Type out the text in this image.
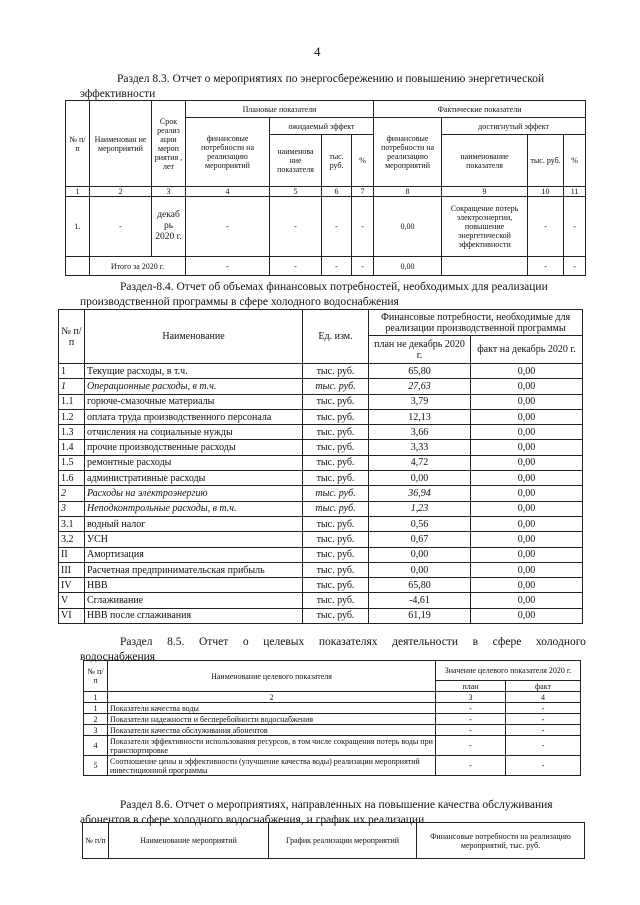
4
Раздел 8.3. Отчет о мероприятиях по энергосбережению и повышению энергетической
эффективности
№ п/ п	Наименован ие мероприятий	Срок реализ ации мероп риятия , лет	Плановые показатели				Фактические показатели			
			финансовые потребности на реализацию мероприятий	ожидаемый эффект			финансовые потребности на реализацию мероприятий	достигнутый эффект		
				наименова ние показателя	тыс. руб.	%		наименование показателя	тыс. руб.	%
1	2	3	4	5	6	7	8	9	10	11
1.	-	декаб рь 2020 г.	-	-	-	-	0,00	Сокращение потерь электроэнергии, повышение энергетической эффективности	-	-
	Итого за 2020 г.		-	-	-	-	0,00		-	-
Раздел-8.4. Отчет об объемах финансовых потребностей, необходимых для реализации
производственной программы в сфере холодного водоснабжения
№ п/п	Наименование	Ед. изм.	Финансовые потребности, необходимые для реализации производственной программы	
			план не декабрь 2020 г.	факт на декабрь 2020 г.
1	Текущие расходы, в т.ч.	тыс. руб.	65,80	0,00
1	Операционные расходы, в т.ч.	тыс. руб.	27,63	0,00
1.1	горюче-смазочные материалы	тыс. руб.	3,79	0,00
1.2	оплата труда производственного персонала	тыс. руб.	12,13	0,00
1.3	отчисления на социальные нужды	тыс. руб.	3,66	0,00
1.4	прочие производственные расходы	тыс. руб.	3,33	0,00
1.5	ремонтные расходы	тыс. руб.	4,72	0,00
1.6	административные расходы	тыс. руб.	0,00	0,00
2	Расходы на электроэнергию	тыс. руб.	36,94	0,00
3	Неподконтрольные расходы, в т.ч.	тыс. руб.	1,23	0,00
3.1	водный налог	тыс. руб.	0,56	0,00
3.2	УСН	тыс. руб.	0,67	0,00
II	Амортизация	тыс. руб.	0,00	0,00
III	Расчетная предпринимательская прибыль	тыс. руб.	0,00	0,00
IV	НВВ	тыс. руб.	65,80	0,00
V	Сглаживание	тыс. руб.	-4,61	0,00
VI	НВВ после сглаживания	тыс. руб.	61,19	0,00
Раздел 8.5. Отчет о целевых показателях деятельности в сфере холодного
водоснабжения
№ п/п	Наименование целевого показателя	Значение целевого показателя 2020 г.	
		план	факт
1	2	3	4
1	Показатели качества воды	-	-
2	Показатели надежности и бесперебойности водоснабжения	-	-
3	Показатели качества обслуживания абонентов	-	-
4	Показатели эффективности использования ресурсов, в том числе сокращения потерь воды при транспортировке	-	-
5	Соотношение цены и эффективности (улучшение качества воды) реализации мероприятий инвестиционной программы	-	-
Раздел 8.6. Отчет о мероприятиях, направленных на повышение качества обслуживания
абонентов в сфере холодного водоснабжения, и график их реализации
№ п/п	Наименование мероприятий	График реализации мероприятий	Финансовые потребности на реализацию мероприятий, тыс. руб.
